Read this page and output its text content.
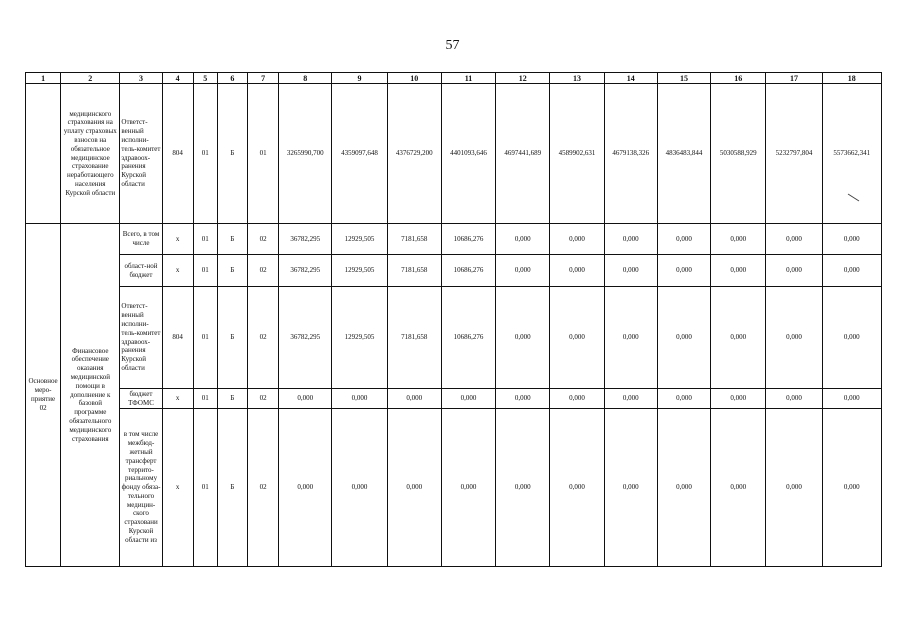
57
1	2	3	4	5	6	7	8	9	10	11	12	13	14	15	16	17	18
	медицинского страхования на уплату страховых взносов на обязательное медицинское страхование неработающего населения Курской области	Ответст-венный исполни-тель-комитет здравоох-ранения Курской области	804	01	Б	01	3265990,700	4359097,648	4376729,200	4401093,646	4697441,689	4589902,631	4679138,326	4836483,844	5030588,929	5232797,804	5573662,341
Основное меро-приятие 02	Финансовое обеспечение оказания медицинской помощи в дополнение к базовой программе обязательного медицинского страхования	Всего, в том числе	х	01	Б	02	36782,295	12929,505	7181,658	10686,276	0,000	0,000	0,000	0,000	0,000	0,000	0,000
		област-ной бюджет	х	01	Б	02	36782,295	12929,505	7181,658	10686,276	0,000	0,000	0,000	0,000	0,000	0,000	0,000
		Ответст-венный исполни-тель-комитет здравоох-ранения Курской области	804	01	Б	02	36782,295	12929,505	7181,658	10686,276	0,000	0,000	0,000	0,000	0,000	0,000	0,000
		бюджет ТФОМС	х	01	Б	02	0,000	0,000	0,000	0,000	0,000	0,000	0,000	0,000	0,000	0,000	0,000
		в том числе межбюд-жетный трансферт террито-риальному фонду обяза-тельного медицин-ского страховани Курской области из	х	01	Б	02	0,000	0,000	0,000	0,000	0,000	0,000	0,000	0,000	0,000	0,000	0,000
